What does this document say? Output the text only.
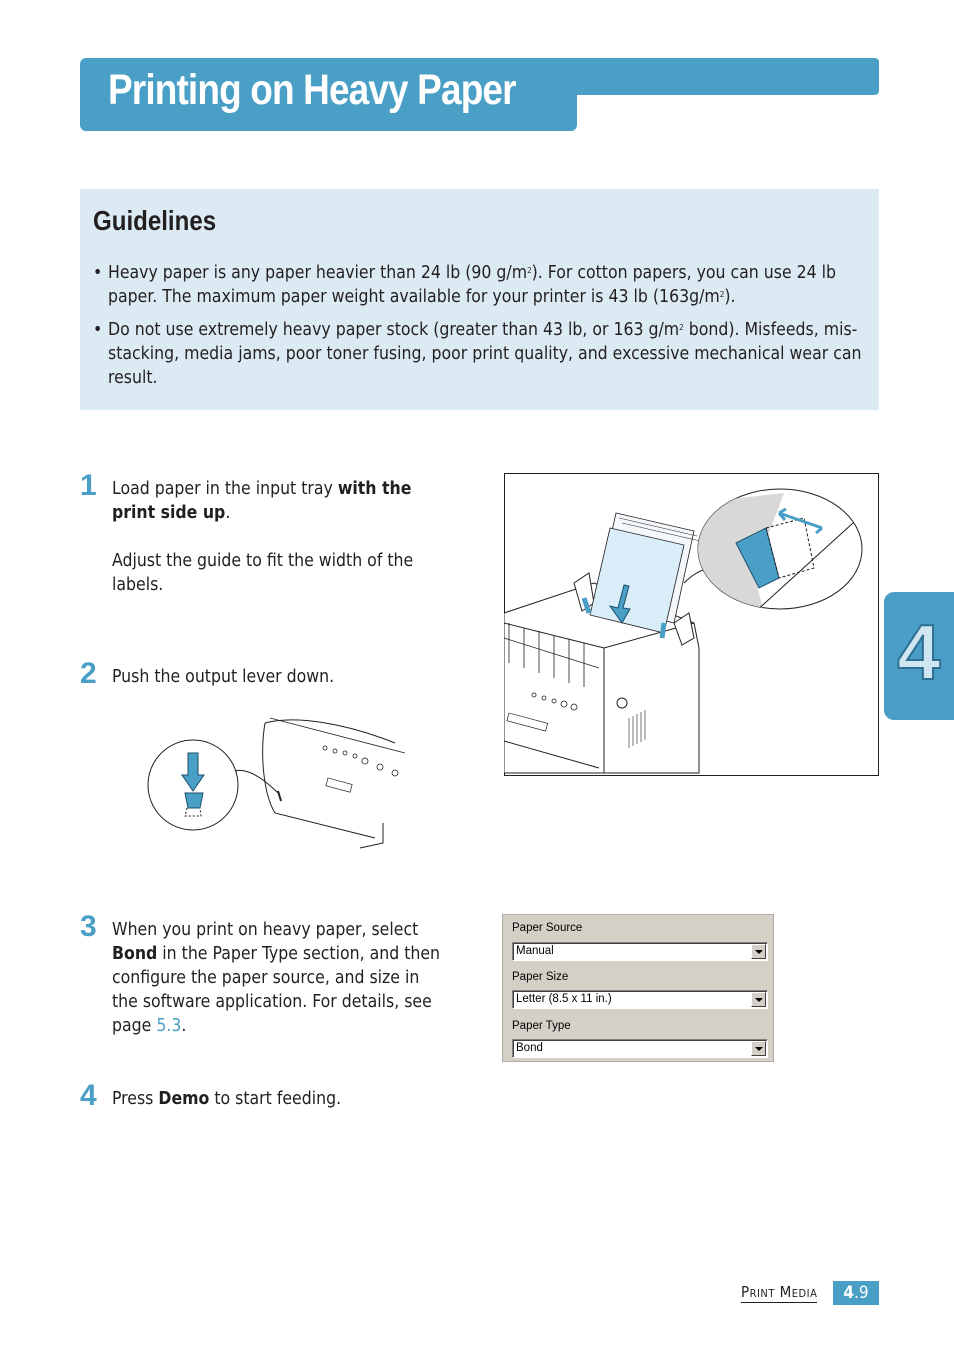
Printing on Heavy Paper
Guidelines
• Heavy paper is any paper heavier than 24 lb (90 $g/m^2$). For cotton papers, you can use 24 lb paper. The maximum paper weight available for your printer is 43 lb $(163g/m^2)$.
• Do not use extremely heavy paper stock (greater than 43 lb, or 163 $g/m^2$ bond). Misfeeds, mis-stacking, media jams, poor toner fusing, poor print quality, and excessive mechanical wear can result.
1 Load paper in the input tray with the print side up.
Adjust the guide to fit the width of the labels.
2 Push the output lever down.
3 When you print on heavy paper, select Bond in the Paper Type section, and then configure the paper source, and size in the software application. For details, see page 5.3.
4 Press Demo to start feeding.
Paper Source
Manual
Paper Size
Letter (8.5 x 11 in.)
Paper Type
Bond
4
Print Media	4.9
